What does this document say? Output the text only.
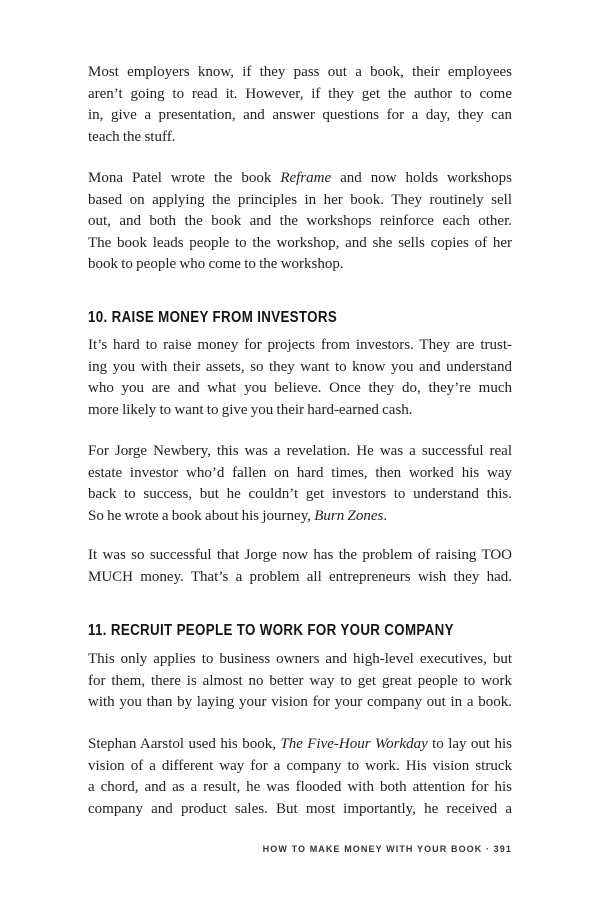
Most employers know, if they pass out a book, their employees
aren’t going to read it. However, if they get the author to come
in, give a presentation, and answer questions for a day, they can
teach the stuff.
Mona Patel wrote the book Reframe and now holds workshops
based on applying the principles in her book. They routinely sell
out, and both the book and the workshops reinforce each other.
The book leads people to the workshop, and she sells copies of her
book to people who come to the workshop.
10. RAISE MONEY FROM INVESTORS
It’s hard to raise money for projects from investors. They are trust-
ing you with their assets, so they want to know you and understand
who you are and what you believe. Once they do, they’re much
more likely to want to give you their hard-earned cash.
For Jorge Newbery, this was a revelation. He was a successful real
estate investor who’d fallen on hard times, then worked his way
back to success, but he couldn’t get investors to understand this.
So he wrote a book about his journey, Burn Zones.
It was so successful that Jorge now has the problem of raising TOO
MUCH money. That’s a problem all entrepreneurs wish they had.
11. RECRUIT PEOPLE TO WORK FOR YOUR COMPANY
This only applies to business owners and high-level executives, but
for them, there is almost no better way to get great people to work
with you than by laying your vision for your company out in a book.
Stephan Aarstol used his book, The Five-Hour Workday to lay out his
vision of a different way for a company to work. His vision struck
a chord, and as a result, he was flooded with both attention for his
company and product sales. But most importantly, he received a
HOW TO MAKE MONEY WITH YOUR BOOK · 391
